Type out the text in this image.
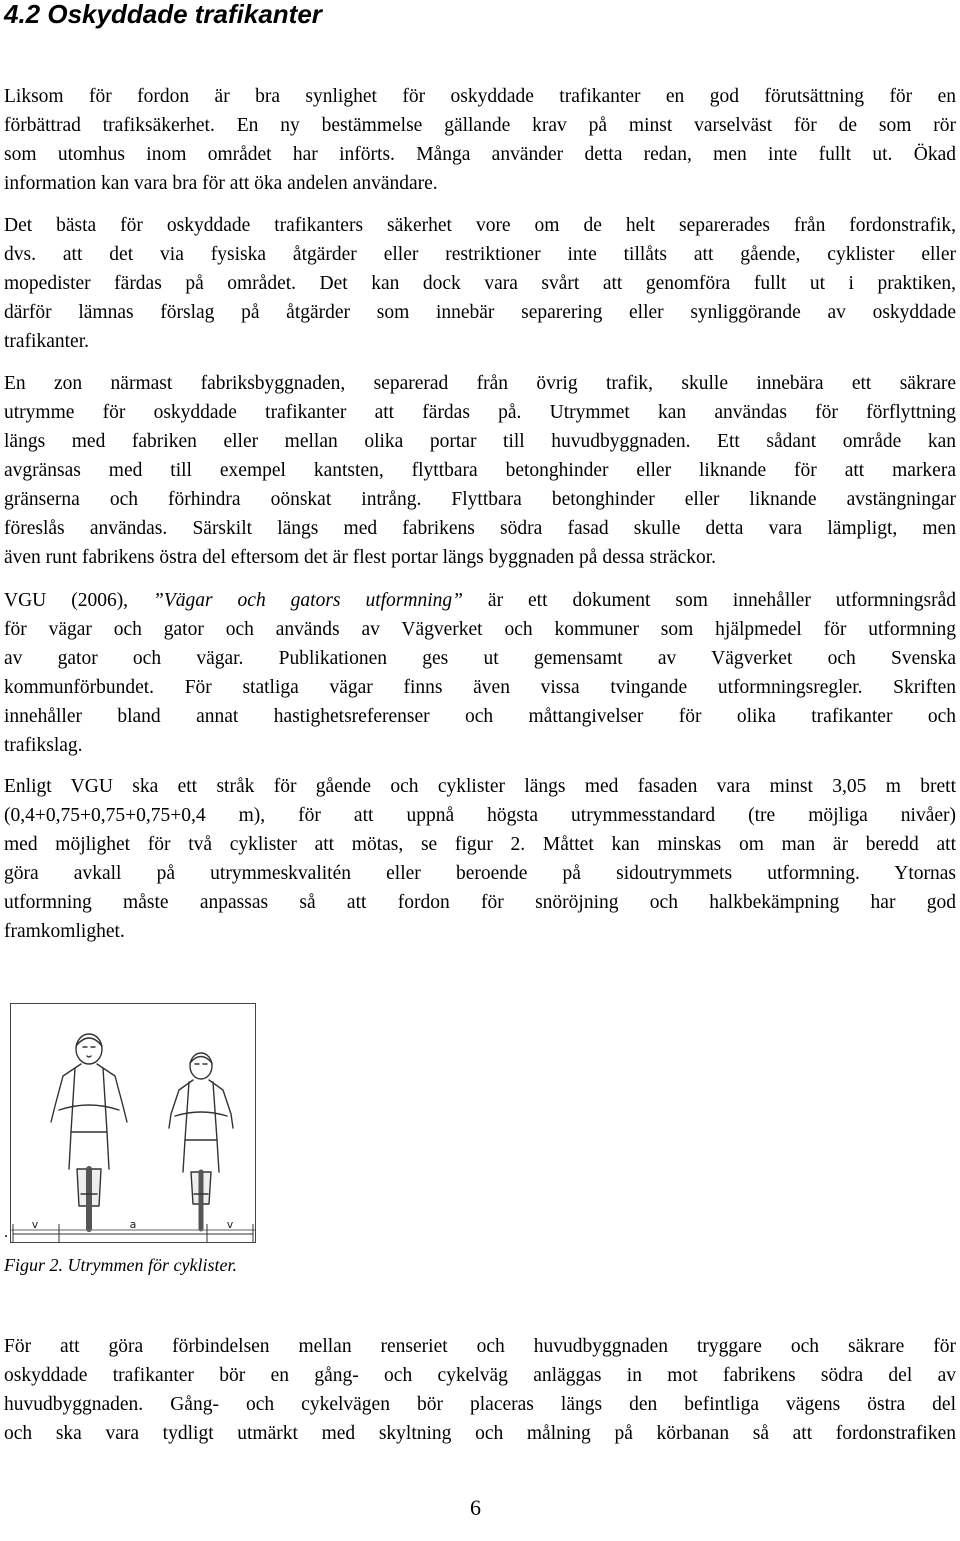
4.2 Oskyddade trafikanter

Liksom för fordon är bra synlighet för oskyddade trafikanter en god förutsättning för en
förbättrad trafiksäkerhet. En ny bestämmelse gällande krav på minst varselväst för de som rör
som utomhus inom området har införts. Många använder detta redan, men inte fullt ut. Ökad
information kan vara bra för att öka andelen användare.

Det bästa för oskyddade trafikanters säkerhet vore om de helt separerades från fordonstrafik,
dvs. att det via fysiska åtgärder eller restriktioner inte tillåts att gående, cyklister eller
mopedister färdas på området. Det kan dock vara svårt att genomföra fullt ut i praktiken,
därför lämnas förslag på åtgärder som innebär separering eller synliggörande av oskyddade
trafikanter.

En zon närmast fabriksbyggnaden, separerad från övrig trafik, skulle innebära ett säkrare
utrymme för oskyddade trafikanter att färdas på. Utrymmet kan användas för förflyttning
längs med fabriken eller mellan olika portar till huvudbyggnaden. Ett sådant område kan
avgränsas med till exempel kantsten, flyttbara betonghinder eller liknande för att markera
gränserna och förhindra oönskat intrång. Flyttbara betonghinder eller liknande avstängningar
föreslås användas. Särskilt längs med fabrikens södra fasad skulle detta vara lämpligt, men
även runt fabrikens östra del eftersom det är flest portar längs byggnaden på dessa sträckor.

VGU (2006), ”Vägar och gators utformning” är ett dokument som innehåller utformningsråd
för vägar och gator och används av Vägverket och kommuner som hjälpmedel för utformning
av gator och vägar. Publikationen ges ut gemensamt av Vägverket och Svenska
kommunförbundet. För statliga vägar finns även vissa tvingande utformningsregler. Skriften
innehåller bland annat hastighetsreferenser och måttangivelser för olika trafikanter och
trafikslag.

Enligt VGU ska ett stråk för gående och cyklister längs med fasaden vara minst 3,05 m brett
(0,4+0,75+0,75+0,75+0,4 m), för att uppnå högsta utrymmesstandard (tre möjliga nivåer)
med möjlighet för två cyklister att mötas, se figur 2. Måttet kan minskas om man är beredd att
göra avkall på utrymmeskvalitén eller beroende på sidoutrymmets utformning. Ytornas
utformning måste anpassas så att fordon för snöröjning och halkbekämpning har god
framkomlighet.

v	a	v
.

Figur 2. Utrymmen för cyklister.

För att göra förbindelsen mellan renseriet och huvudbyggnaden tryggare och säkrare för
oskyddade trafikanter bör en gång- och cykelväg anläggas in mot fabrikens södra del av
huvudbyggnaden. Gång- och cykelvägen bör placeras längs den befintliga vägens östra del
och ska vara tydligt utmärkt med skyltning och målning på körbanan så att fordonstrafiken

6
